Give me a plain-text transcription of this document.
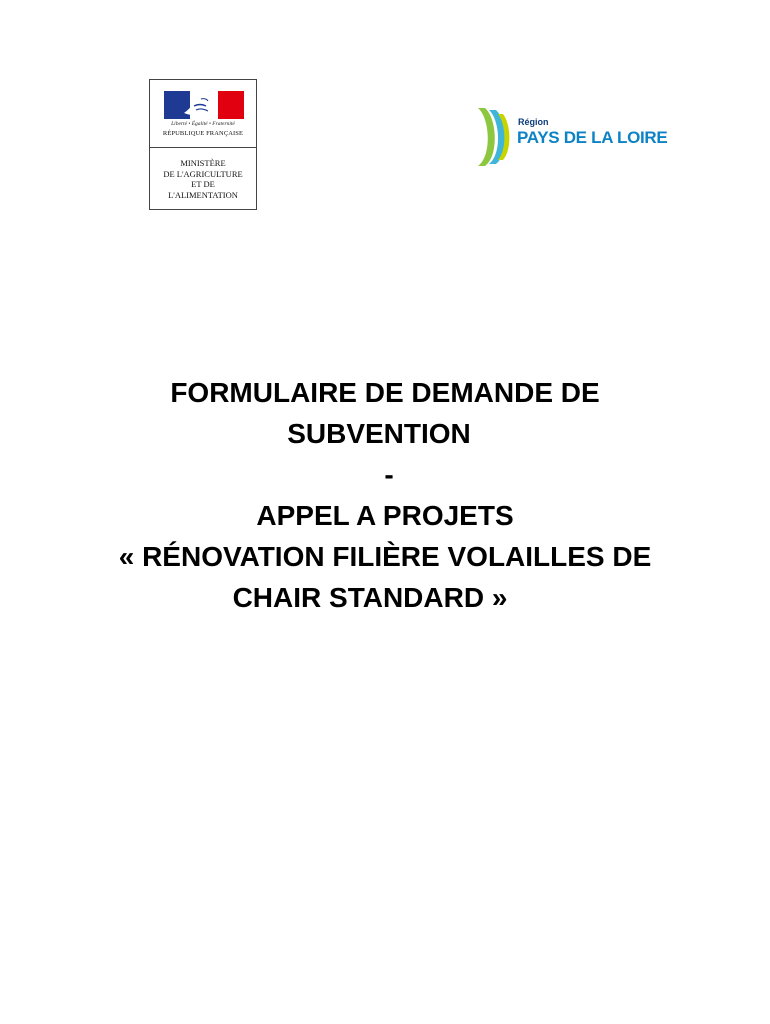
Liberté • Égalité • Fraternité
RÉPUBLIQUE FRANÇAISE
MINISTÈRE
DE L'AGRICULTURE
ET DE
L'ALIMENTATION
Région
PAYS DE LA LOIRE
FORMULAIRE DE DEMANDE DE
SUBVENTION
-
APPEL A PROJETS
« RÉNOVATION FILIÈRE VOLAILLES DE
CHAIR STANDARD »
